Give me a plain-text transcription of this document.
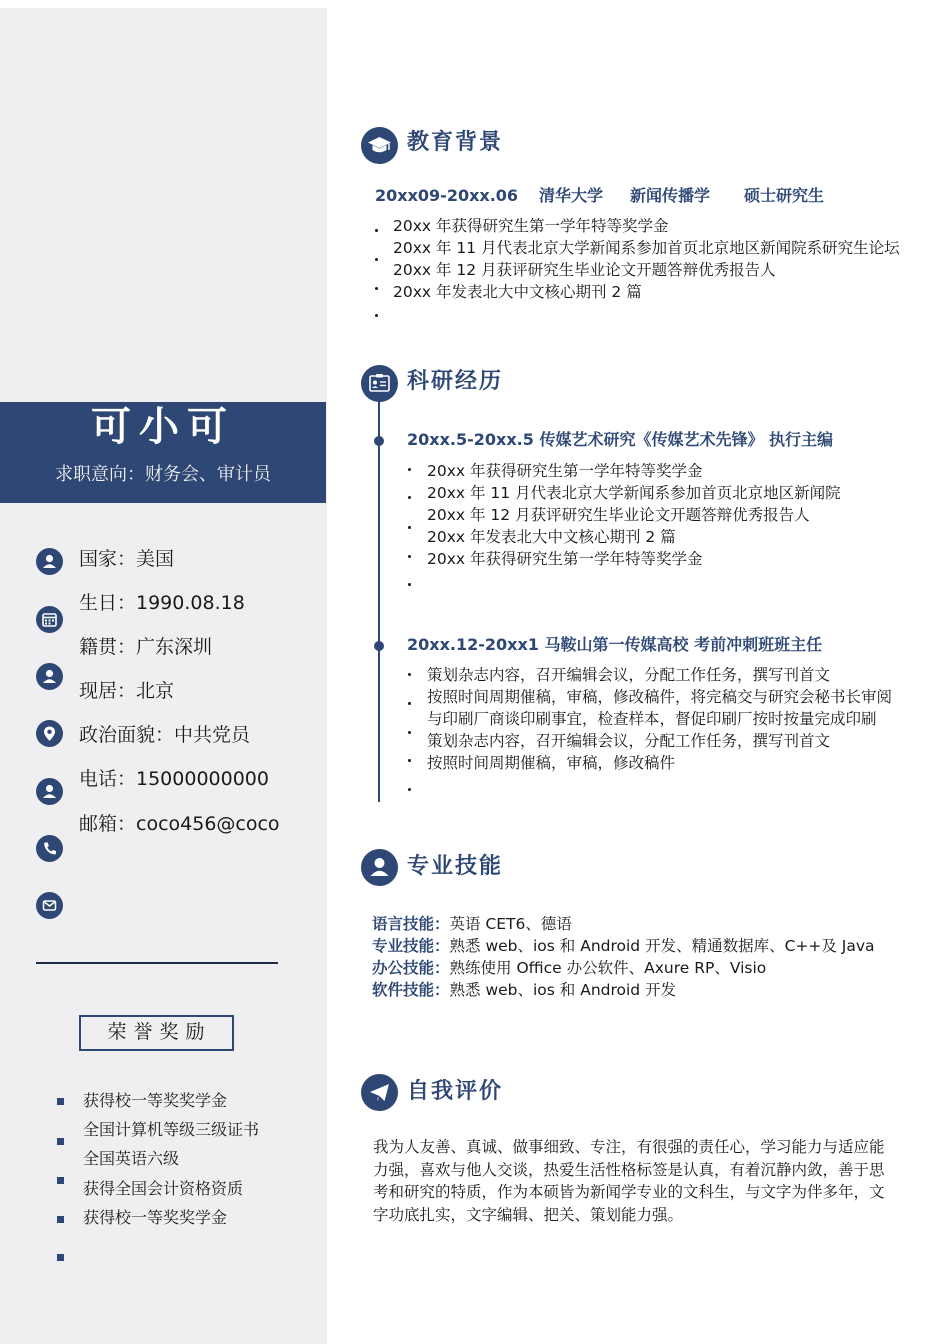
可小可
求职意向：财务会、审计员
国家：美国
生日：1990.08.18
籍贯：广东深圳
现居：北京
政治面貌：中共党员
电话：15000000000
邮箱：coco456@coco
荣誉奖励
获得校一等奖奖学金
全国计算机等级三级证书
全国英语六级
获得全国会计资格资质
获得校一等奖奖学金
教育背景
20xx09-20xx.06 清华大学 新闻传播学 硕士研究生
20xx 年获得研究生第一学年特等奖学金
20xx 年 11 月代表北京大学新闻系参加首页北京地区新闻院系研究生论坛
20xx 年 12 月获评研究生毕业论文开题答辩优秀报告人
20xx 年发表北大中文核心期刊 2 篇
科研经历
20xx.5-20xx.5 传媒艺术研究《传媒艺术先锋》 执行主编
20xx 年获得研究生第一学年特等奖学金
20xx 年 11 月代表北京大学新闻系参加首页北京地区新闻院
20xx 年 12 月获评研究生毕业论文开题答辩优秀报告人
20xx 年发表北大中文核心期刊 2 篇
20xx 年获得研究生第一学年特等奖学金
20xx.12-20xx1 马鞍山第一传媒高校 考前冲刺班班主任
策划杂志内容，召开编辑会议，分配工作任务，撰写刊首文
按照时间周期催稿，审稿，修改稿件，将完稿交与研究会秘书长审阅
与印刷厂商谈印刷事宜，检查样本，督促印刷厂按时按量完成印刷
策划杂志内容，召开编辑会议，分配工作任务，撰写刊首文
按照时间周期催稿，审稿，修改稿件
专业技能
语言技能：英语 CET6、德语
专业技能：熟悉 web、ios 和 Android 开发、精通数据库、C++及 Java
办公技能：熟练使用 Office 办公软件、Axure RP、Visio
软件技能：熟悉 web、ios 和 Android 开发
自我评价
我为人友善、真诚、做事细致、专注，有很强的责任心，学习能力与适应能力强，喜欢与他人交谈，热爱生活性格标签是认真，有着沉静内敛，善于思考和研究的特质，作为本硕皆为新闻学专业的文科生，与文字为伴多年，文字功底扎实，文字编辑、把关、策划能力强。
